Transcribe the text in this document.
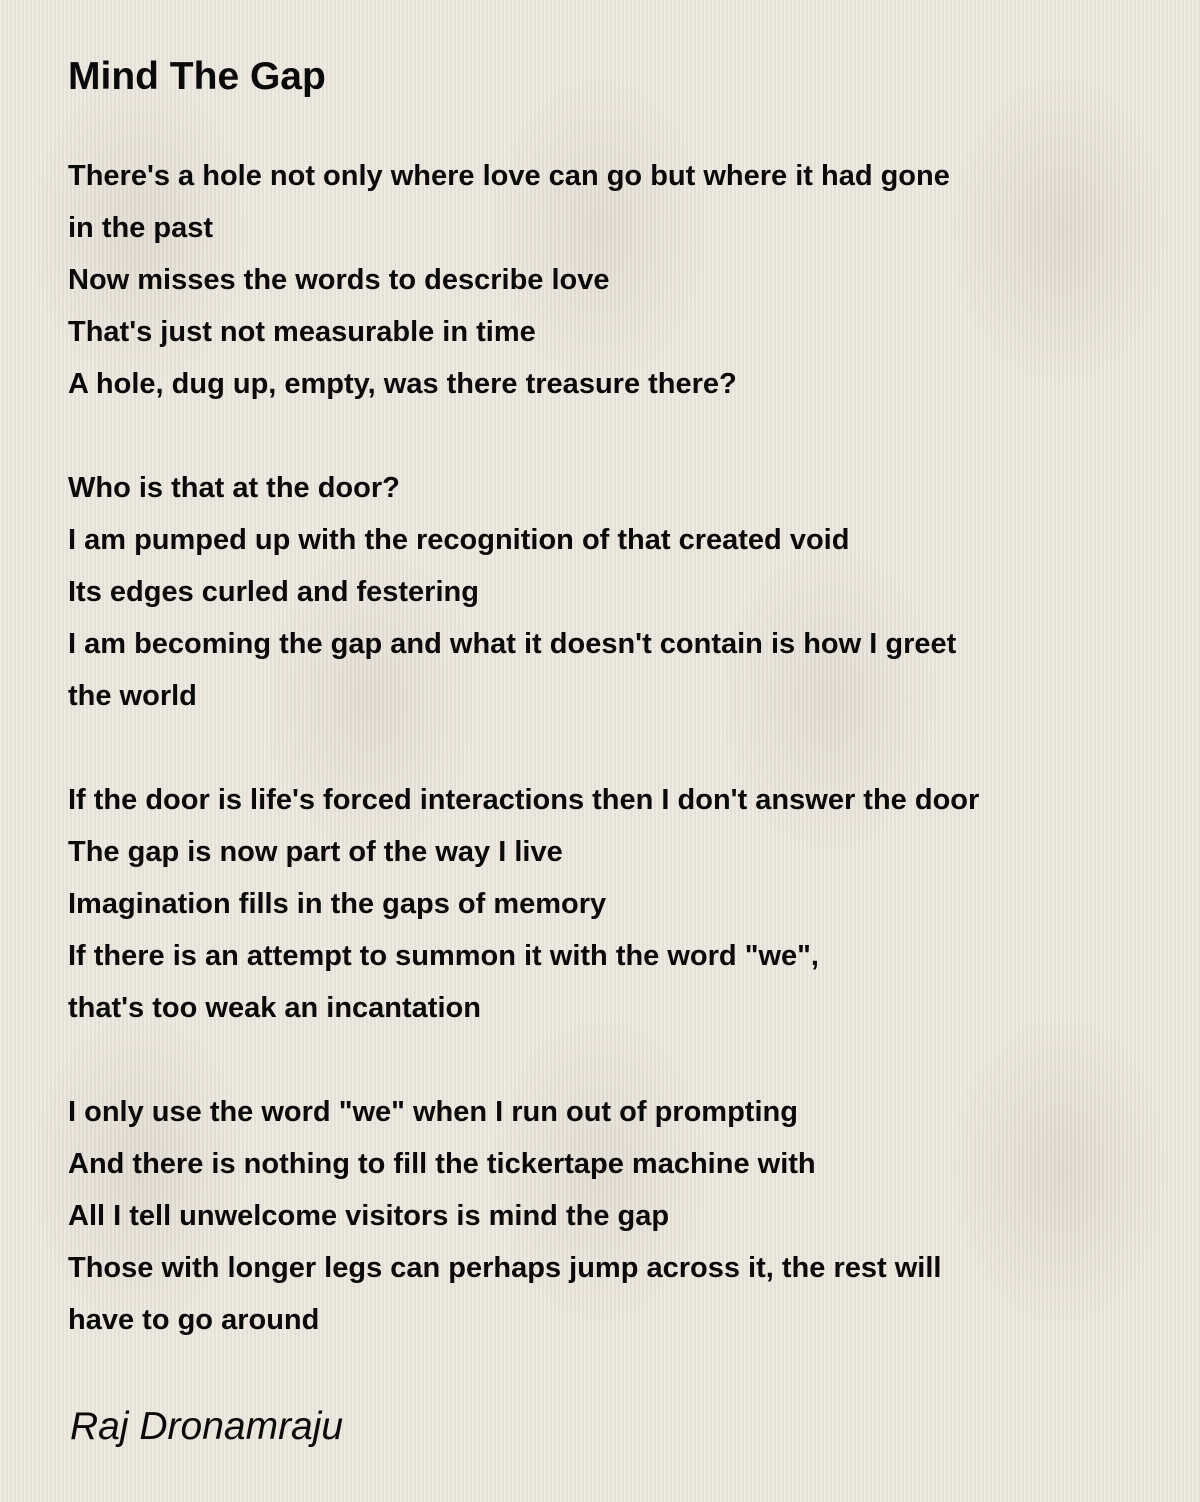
Mind The Gap
There's a hole not only where love can go but where it had gone
in the past
Now misses the words to describe love
That's just not measurable in time
A hole, dug up, empty, was there treasure there?
Who is that at the door?
I am pumped up with the recognition of that created void
Its edges curled and festering
I am becoming the gap and what it doesn't contain is how I greet
the world
If the door is life's forced interactions then I don't answer the door
The gap is now part of the way I live
Imagination fills in the gaps of memory
If there is an attempt to summon it with the word "we",
that's too weak an incantation
I only use the word "we" when I run out of prompting
And there is nothing to fill the tickertape machine with
All I tell unwelcome visitors is mind the gap
Those with longer legs can perhaps jump across it, the rest will
have to go around
Raj Dronamraju
